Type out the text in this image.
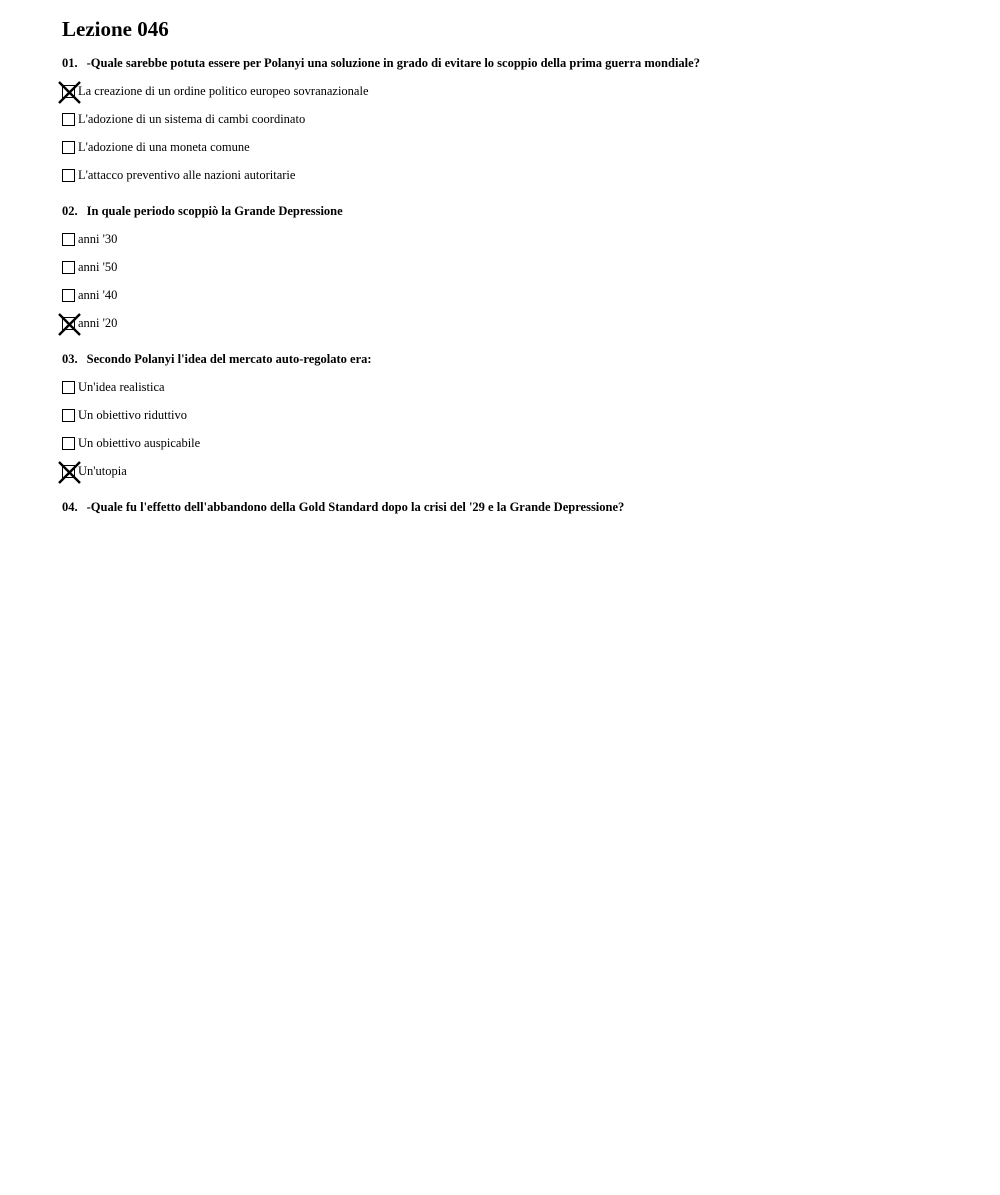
Lezione 046
01. -Quale sarebbe potuta essere per Polanyi una soluzione in grado di evitare lo scoppio della prima guerra mondiale?
La creazione di un ordine politico europeo sovranazionale
L'adozione di un sistema di cambi coordinato
L'adozione di una moneta comune
L'attacco preventivo alle nazioni autoritarie
02. In quale periodo scoppiò la Grande Depressione
anni '30
anni '50
anni '40
anni '20
03. Secondo Polanyi l'idea del mercato auto-regolato era:
Un'idea realistica
Un obiettivo riduttivo
Un obiettivo auspicabile
Un'utopia
04. -Quale fu l'effetto dell'abbandono della Gold Standard dopo la crisi del '29 e la Grande Depressione?
